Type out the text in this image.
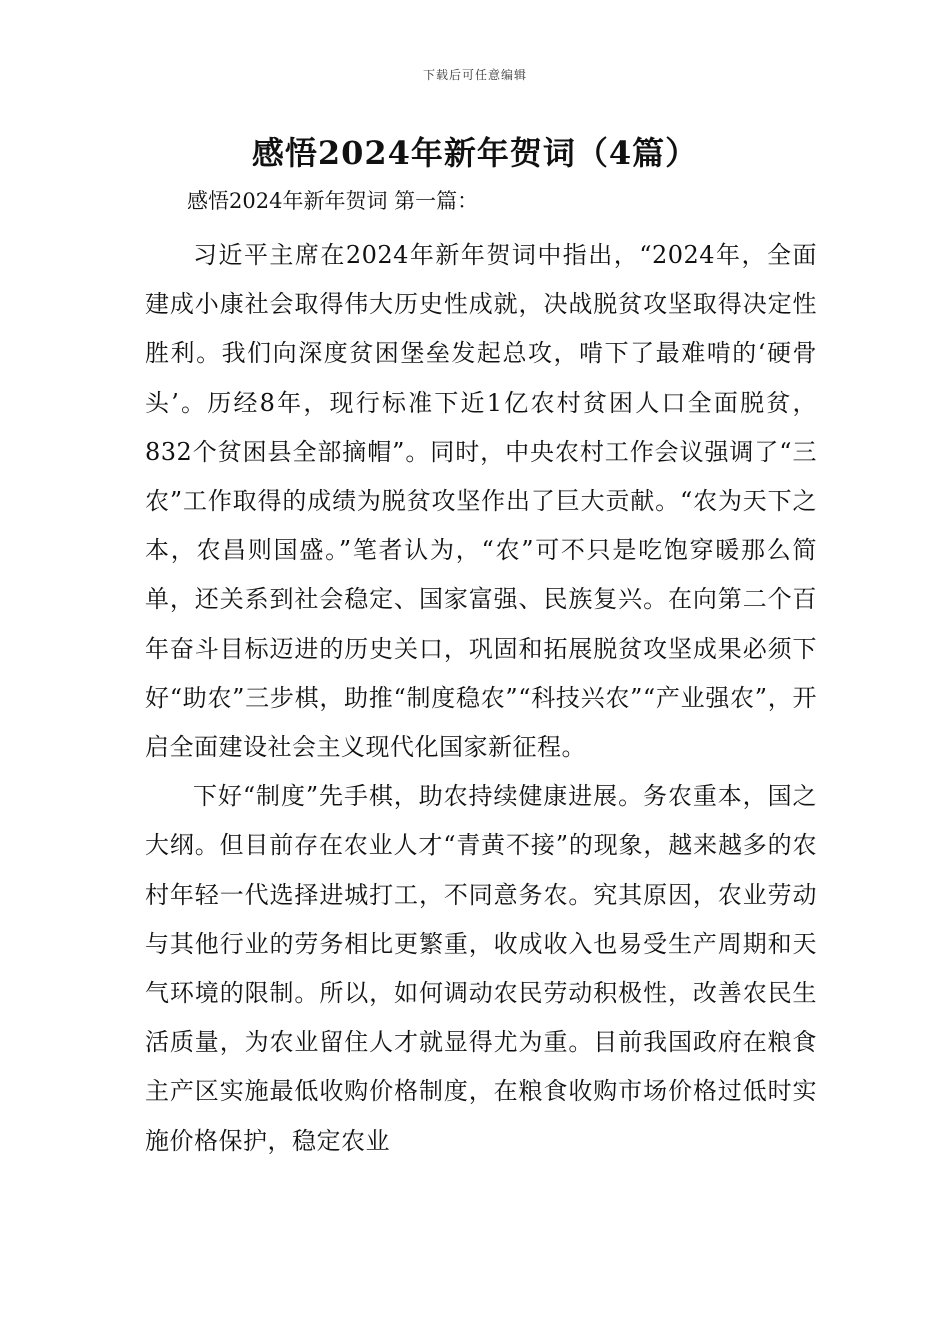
下载后可任意编辑
感悟2024年新年贺词（4篇）

感悟2024年新年贺词 第一篇：

习近平主席在2024年新年贺词中指出，“2024年，全面建成小康社会取得伟大历史性成就，决战脱贫攻坚取得决定性胜利。我们向深度贫困堡垒发起总攻，啃下了最难啃的‘硬骨头’。历经8年，现行标准下近1亿农村贫困人口全面脱贫，832个贫困县全部摘帽”。同时，中央农村工作会议强调了“三农”工作取得的成绩为脱贫攻坚作出了巨大贡献。“农为天下之本，农昌则国盛。”笔者认为，“农”可不只是吃饱穿暖那么简单，还关系到社会稳定、国家富强、民族复兴。在向第二个百年奋斗目标迈进的历史关口，巩固和拓展脱贫攻坚成果必须下好“助农”三步棋，助推“制度稳农”“科技兴农”“产业强农”，开启全面建设社会主义现代化国家新征程。

下好“制度”先手棋，助农持续健康进展。务农重本，国之大纲。但目前存在农业人才“青黄不接”的现象，越来越多的农村年轻一代选择进城打工，不同意务农。究其原因，农业劳动与其他行业的劳务相比更繁重，收成收入也易受生产周期和天气环境的限制。所以，如何调动农民劳动积极性，改善农民生活质量，为农业留住人才就显得尤为重。目前我国政府在粮食主产区实施最低收购价格制度，在粮食收购市场价格过低时实施价格保护，稳定农业
